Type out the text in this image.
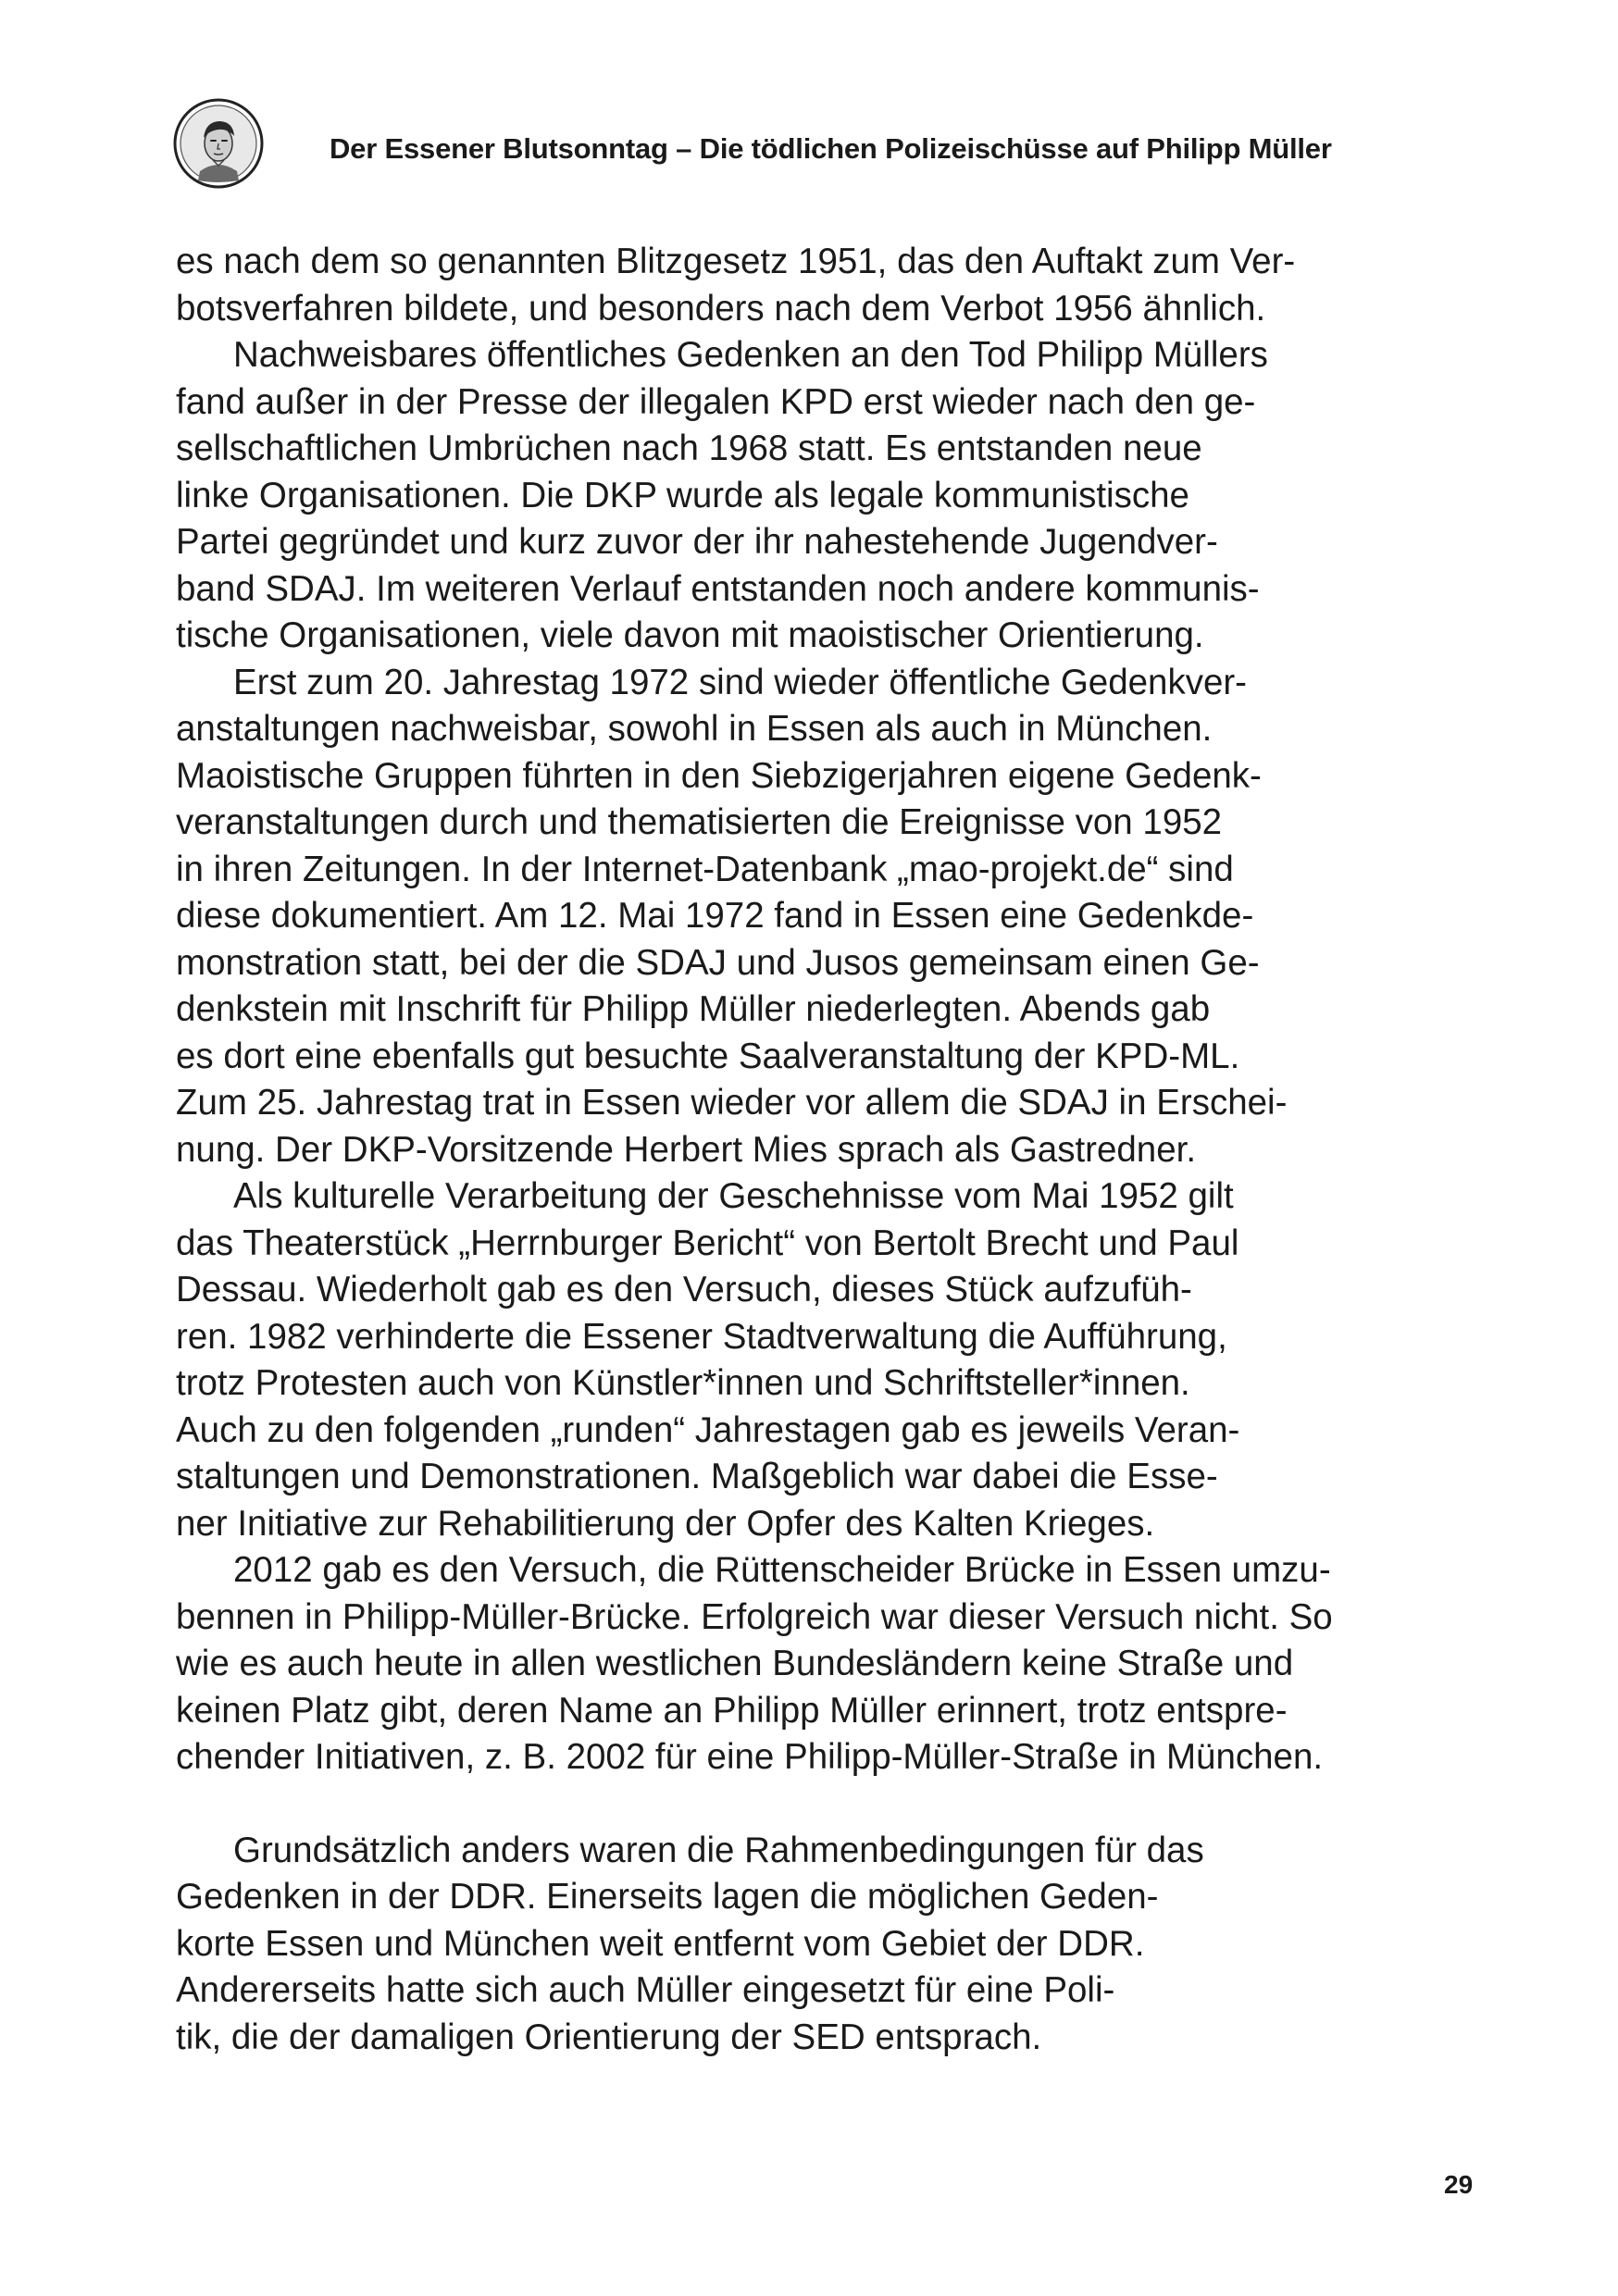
Der Essener Blutsonntag – Die tödlichen Polizeischüsse auf Philipp Müller

es nach dem so genannten Blitzgesetz 1951, das den Auftakt zum Ver-
botsverfahren bildete, und besonders nach dem Verbot 1956 ähnlich.

Nachweisbares öffentliches Gedenken an den Tod Philipp Müllers
fand außer in der Presse der illegalen KPD erst wieder nach den ge-
sellschaftlichen Umbrüchen nach 1968 statt. Es entstanden neue
linke Organisationen. Die DKP wurde als legale kommunistische
Partei gegründet und kurz zuvor der ihr nahestehende Jugendver-
band SDAJ. Im weiteren Verlauf entstanden noch andere kommunis-
tische Organisationen, viele davon mit maoistischer Orientierung.

Erst zum 20. Jahrestag 1972 sind wieder öffentliche Gedenkver-
anstaltungen nachweisbar, sowohl in Essen als auch in München.
Maoistische Gruppen führten in den Siebzigerjahren eigene Gedenk-
veranstaltungen durch und thematisierten die Ereignisse von 1952
in ihren Zeitungen. In der Internet-Datenbank „mao-projekt.de“ sind
diese dokumentiert. Am 12. Mai 1972 fand in Essen eine Gedenkde-
monstration statt, bei der die SDAJ und Jusos gemeinsam einen Ge-
denkstein mit Inschrift für Philipp Müller niederlegten. Abends gab
es dort eine ebenfalls gut besuchte Saalveranstaltung der KPD-ML.
Zum 25. Jahrestag trat in Essen wieder vor allem die SDAJ in Erschei-
nung. Der DKP-Vorsitzende Herbert Mies sprach als Gastredner.

Als kulturelle Verarbeitung der Geschehnisse vom Mai 1952 gilt
das Theaterstück „Herrnburger Bericht“ von Bertolt Brecht und Paul
Dessau. Wiederholt gab es den Versuch, dieses Stück aufzufüh-
ren. 1982 verhinderte die Essener Stadtverwaltung die Aufführung,
trotz Protesten auch von Künstler*innen und Schriftsteller*innen.
Auch zu den folgenden „runden“ Jahrestagen gab es jeweils Veran-
staltungen und Demonstrationen. Maßgeblich war dabei die Esse-
ner Initiative zur Rehabilitierung der Opfer des Kalten Krieges.

2012 gab es den Versuch, die Rüttenscheider Brücke in Essen umzu-
bennen in Philipp-Müller-Brücke. Erfolgreich war dieser Versuch nicht. So
wie es auch heute in allen westlichen Bundesländern keine Straße und
keinen Platz gibt, deren Name an Philipp Müller erinnert, trotz entspre-
chender Initiativen, z. B. 2002 für eine Philipp-Müller-Straße in München.

Grundsätzlich anders waren die Rahmenbedingungen für das
Gedenken in der DDR. Einerseits lagen die möglichen Geden-
korte Essen und München weit entfernt vom Gebiet der DDR.
Andererseits hatte sich auch Müller eingesetzt für eine Poli-
tik, die der damaligen Orientierung der SED entsprach.

29
